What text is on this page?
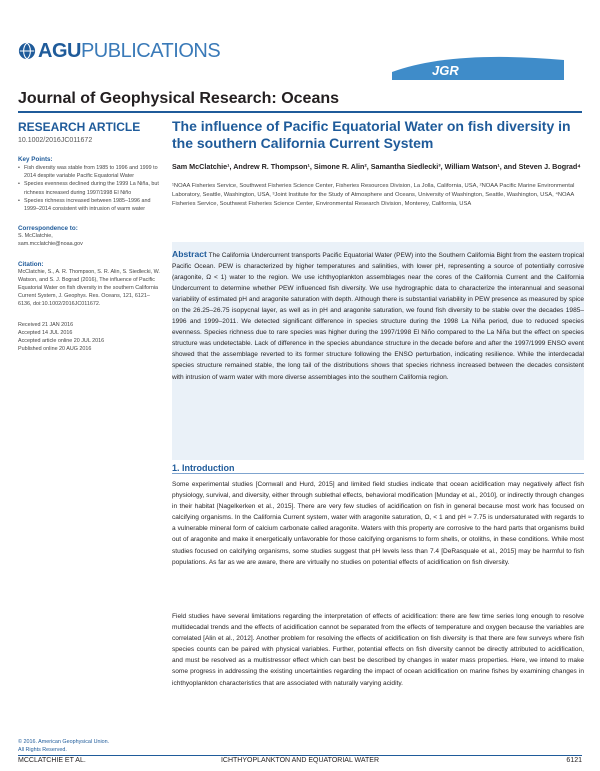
AGU PUBLICATIONS
JGR
Journal of Geophysical Research: Oceans
RESEARCH ARTICLE
10.1002/2016JC011672
Key Points:
• Fish diversity was stable from 1985 to 1996 and 1999 to 2014 despite variable Pacific Equatorial Water
• Species evenness declined during the 1999 La Niña, but richness increased during 1997/1998 El Niño
• Species richness increased between 1985–1996 and 1999–2014 consistent with intrusion of warm water
Correspondence to:
S. McClatchie,
sam.mcclatchie@noaa.gov
Citation:
McClatchie, S., A. R. Thompson, S. R. Alin, S. Siedlecki, W. Watson, and S. J. Bograd (2016), The influence of Pacific Equatorial Water on fish diversity in the southern California Current System, J. Geophys. Res. Oceans, 121, 6121–6136, doi:10.1002/2016JC011672.
Received 21 JAN 2016
Accepted 14 JUL 2016
Accepted article online 20 JUL 2016
Published online 20 AUG 2016
© 2016. American Geophysical Union.
All Rights Reserved.
The influence of Pacific Equatorial Water on fish diversity in the southern California Current System
Sam McClatchie¹, Andrew R. Thompson¹, Simone R. Alin², Samantha Siedlecki³, William Watson¹, and Steven J. Bograd⁴
¹NOAA Fisheries Service, Southwest Fisheries Science Center, Fisheries Resources Division, La Jolla, California, USA, ²NOAA Pacific Marine Environmental Laboratory, Seattle, Washington, USA, ³Joint Institute for the Study of Atmosphere and Oceans, University of Washington, Seattle, Washington, USA, ⁴NOAA Fisheries Service, Southwest Fisheries Science Center, Environmental Research Division, Monterey, California, USA
Abstract The California Undercurrent transports Pacific Equatorial Water (PEW) into the Southern California Bight from the eastern tropical Pacific Ocean. PEW is characterized by higher temperatures and salinities, with lower pH, representing a source of potentially corrosive (aragonite, Ω < 1) water to the region. We use ichthyoplankton assemblages near the cores of the California Current and the California Undercurrent to determine whether PEW influenced fish diversity. We use hydrographic data to characterize the interannual and seasonal variability of estimated pH and aragonite saturation with depth. Although there is substantial variability in PEW presence as measured by spice on the 26.25–26.75 isopycnal layer, as well as in pH and aragonite saturation, we found fish diversity to be stable over the decades 1985–1996 and 1999–2011. We detected significant difference in species structure during the 1998 La Niña period, due to reduced species evenness. Species richness due to rare species was higher during the 1997/1998 El Niño compared to the La Niña but the effect on species structure was undetectable. Lack of difference in the species abundance structure in the decade before and after the 1997/1999 ENSO event showed that the assemblage reverted to its former structure following the ENSO perturbation, indicating resilience. While the interdecadal species structure remained stable, the long tail of the distributions shows that species richness increased between the decades consistent with intrusion of warm water with more diverse assemblages into the southern California region.
1. Introduction
Some experimental studies [Cornwall and Hurd, 2015] and limited field studies indicate that ocean acidification may negatively affect fish physiology, survival, and diversity, either through sublethal effects, behavioral modification [Munday et al., 2010], or indirectly through changes in their habitat [Nagelkerken et al., 2015]. There are very few studies of acidification on fish in general because most work has focused on calcifying organisms. In the California Current system, water with aragonite saturation, Ω, < 1 and pH ≈ 7.75 is undersaturated with regards to a vulnerable mineral form of calcium carbonate called aragonite. Waters with this property are corrosive to the hard parts that organisms build out of aragonite and make it energetically unfavorable for those calcifying organisms to form shells, or otoliths, in these conditions. While most studies focused on calcifying organisms, some studies suggest that pH levels less than 7.4 [DeRasquale et al., 2015] may be harmful to fish populations. As far as we are aware, there are virtually no studies on potential effects of acidification on fish diversity.
Field studies have several limitations regarding the interpretation of effects of acidification: there are few time series long enough to resolve multidecadal trends and the effects of acidification cannot be separated from the effects of temperature and oxygen because the variables are correlated [Alin et al., 2012]. Another problem for resolving the effects of acidification on fish diversity is that there are few surveys where fish species counts can be paired with physical variables. Further, potential effects on fish diversity cannot be directly attributed to acidification, and must be resolved as a multistressor effect which can best be described by changes in water mass properties. Here, we intend to make some progress in addressing the existing uncertainties regarding the impact of ocean acidification on marine fishes by examining changes in ichthyoplankton characteristics that are associated with naturally varying acidity.
MCCLATCHIE ET AL.	ICHTHYOPLANKTON AND EQUATORIAL WATER	6121
